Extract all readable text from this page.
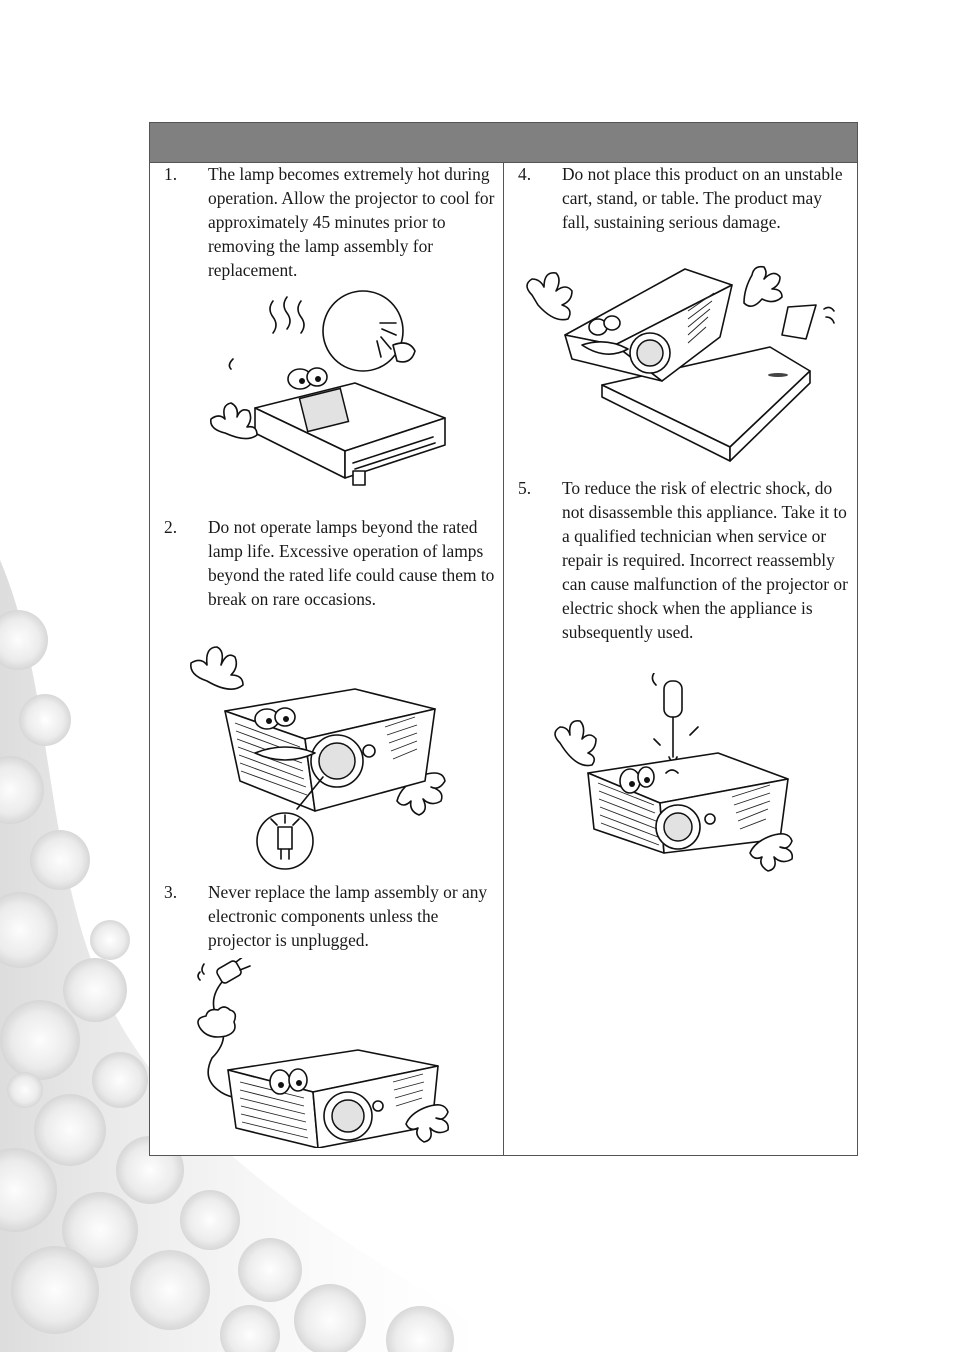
1.	The lamp becomes extremely hot during operation. Allow the projector to cool for approximately 45 minutes prior to removing the lamp assembly for replacement.
2.	Do not operate lamps beyond the rated lamp life. Excessive operation of lamps beyond the rated life could cause them to break on rare occasions.
3.	Never replace the lamp assembly or any electronic components unless the projector is unplugged.
4.	Do not place this product on an unstable cart, stand, or table. The product may fall, sustaining serious damage.
5.	To reduce the risk of electric shock, do not disassemble this appliance. Take it to a qualified technician when service or repair is required. Incorrect reassembly can cause malfunction of the projector or electric shock when the appliance is subsequently used.
